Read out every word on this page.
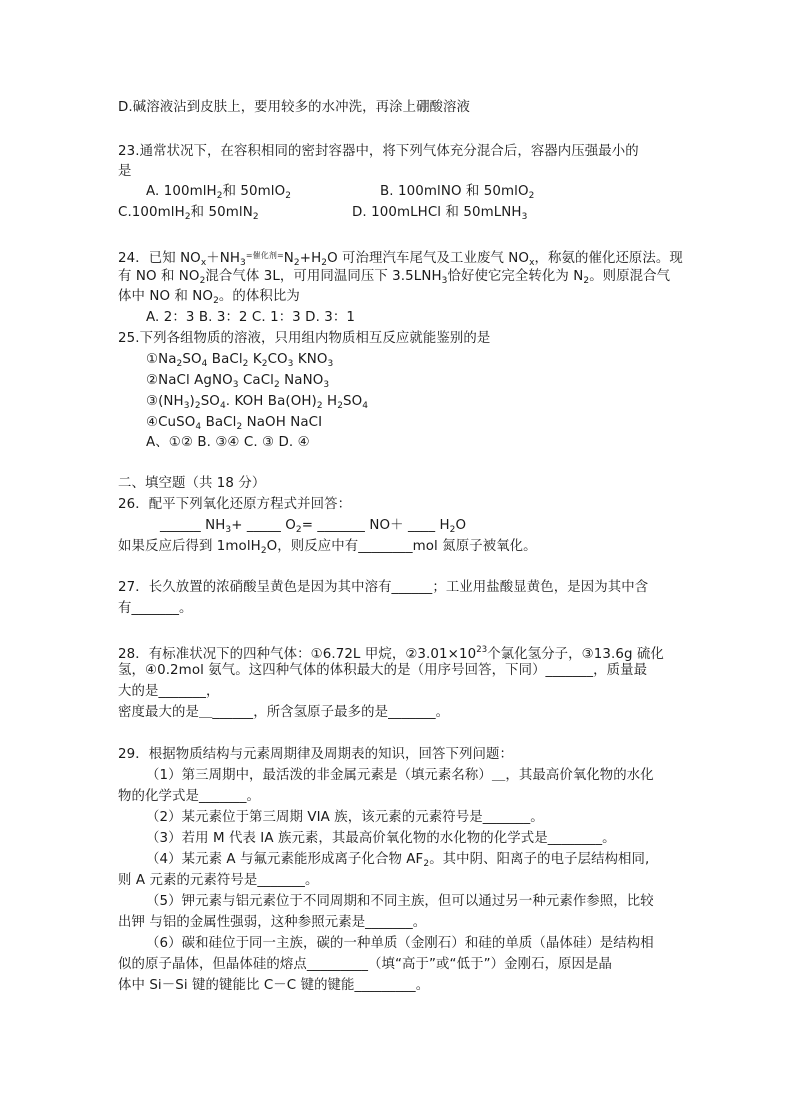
D.碱溶液沾到皮肤上，要用较多的水冲洗，再涂上硼酸溶液
23.通常状况下，在容积相同的密封容器中，将下列气体充分混合后，容器内压强最小的
是
A. 100mlH$_2$和 50mlO$_2$	B. 100mlNO 和 50mlO$_2$
C.100mlH$_2$和 50mlN$_2$	D. 100mLHCl 和 50mLNH$_3$
24．已知 $NO_x+NH_3^{=催化剂=}N_2+H_2O$ 可治理汽车尾气及工业废气 $NO_x$，称氨的催化还原法。现
有 NO 和 $NO_2$混合气体 3L，可用同温同压下 $3.5LNH_3$恰好使它完全转化为 $N_2$。则原混合气
体中 NO 和 $NO_2$。的体积比为
A. 2：3 B. 3：2 C. 1：3 D. 3：1
25.下列各组物质的溶液，只用组内物质相互反应就能鉴别的是
$①Na_2SO_4$ BaCl$_2$ $K_2CO_3$ $KNO_3$
②NaCl AgNO$_3$ CaCl$_2$ NaNO$_3$
$③(NH_3)_2SO_4$. KOH $Ba(OH)_2$ $H_2SO_4$
④CuSO$_4$ BaCl$_2$ NaOH NaCI
A、①② B. ③④ C. ③ D. ④
二、填空题（共 18 分）
26．配平下列氧化还原方程式并回答：
______ $NH_3+$ _____ $O_2=$ _______ NO＋ ____ $H_2O$
如果反应后得到 1molH$_2$O，则反应中有________mol 氮原子被氧化。
27．长久放置的浓硝酸呈黄色是因为其中溶有______；工业用盐酸显黄色，是因为其中含
有_______。
28．有标准状况下的四种气体：①6.72L 甲烷，$②3.01\times 10^{23}$个氯化氢分子，③13.6g 硫化
氢，④0.2mol 氨气。这四种气体的体积最大的是（用序号回答，下同）_______，质量最
大的是_______，
密度最大的是＿______，所含氢原子最多的是_______。
29．根据物质结构与元素周期律及周期表的知识，回答下列问题：
（1）第三周期中，最活泼的非金属元素是（填元素名称）＿，其最高价氧化物的水化
物的化学式是_______。
（2）某元素位于第三周期 VIA 族，该元素的元素符号是_______。
（3）若用 M 代表 IA 族元素，其最高价氧化物的水化物的化学式是________。
（4）某元素 A 与氟元素能形成离子化合物 $AF_2$。其中阴、阳离子的电子层结构相同,
则 A 元素的元素符号是_______。
（5）钾元素与铝元素位于不同周期和不同主族，但可以通过另一种元素作参照，比较
出钾 与铝的金属性强弱，这种参照元素是_______。
（6）碳和硅位于同一主族，碳的一种单质（金刚石）和硅的单质（晶体硅）是结构相
似的原子晶体，但晶体硅的熔点_________（填“高于”或“低于”）金刚石，原因是晶
体中 Si－Si 键的键能比 C－C 键的键能_________。
